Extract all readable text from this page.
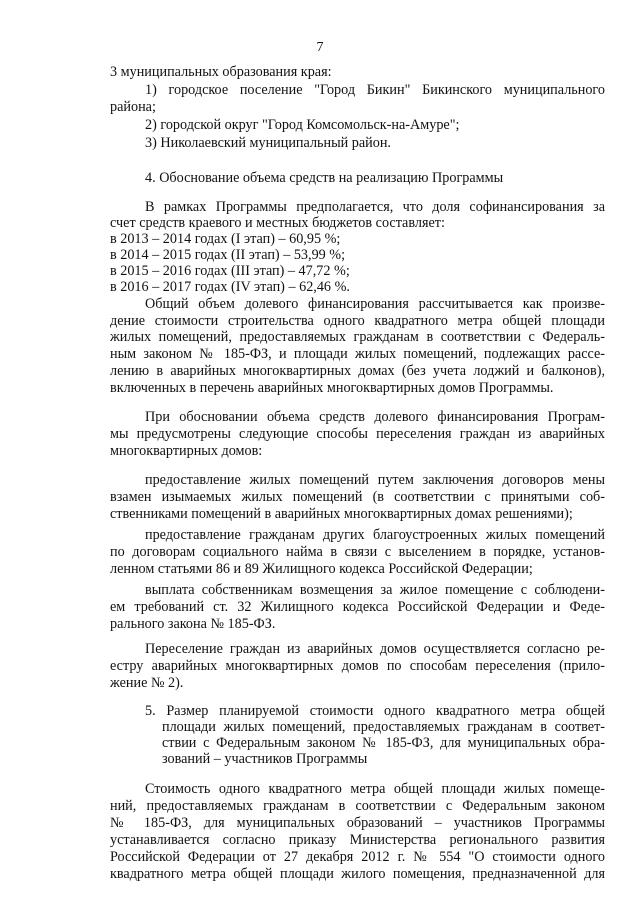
7
3 муниципальных образования края:
1) городское поселение "Город Бикин" Бикинского муниципального
района;
2) городской округ "Город Комсомольск-на-Амуре";
3) Николаевский муниципальный район.
4. Обоснование объема средств на реализацию Программы
В рамках Программы предполагается, что доля софинансирования за
счет средств краевого и местных бюджетов составляет:
в 2013 – 2014 годах (I этап) – 60,95 %;
в 2014 – 2015 годах (II этап) – 53,99 %;
в 2015 – 2016 годах (III этап) – 47,72 %;
в 2016 – 2017 годах (IV этап) – 62,46 %.
Общий объем долевого финансирования рассчитывается как произве-
дение стоимости строительства одного квадратного метра общей площади
жилых помещений, предоставляемых гражданам в соответствии с Федераль-
ным законом № 185-ФЗ, и площади жилых помещений, подлежащих рассе-
лению в аварийных многоквартирных домах (без учета лоджий и балконов),
включенных в перечень аварийных многоквартирных домов Программы.
При обосновании объема средств долевого финансирования Програм-
мы предусмотрены следующие способы переселения граждан из аварийных
многоквартирных домов:
предоставление жилых помещений путем заключения договоров мены
взамен изымаемых жилых помещений (в соответствии с принятыми соб-
ственниками помещений в аварийных многоквартирных домах решениями);
предоставление гражданам других благоустроенных жилых помещений
по договорам социального найма в связи с выселением в порядке, установ-
ленном статьями 86 и 89 Жилищного кодекса Российской Федерации;
выплата собственникам возмещения за жилое помещение с соблюдени-
ем требований ст. 32 Жилищного кодекса Российской Федерации и Феде-
рального закона № 185-ФЗ.
Переселение граждан из аварийных домов осуществляется согласно ре-
естру аварийных многоквартирных домов по способам переселения (прило-
жение № 2).
5. Размер планируемой стоимости одного квадратного метра общей
площади жилых помещений, предоставляемых гражданам в соответ-
ствии с Федеральным законом № 185-ФЗ, для муниципальных обра-
зований – участников Программы
Стоимость одного квадратного метра общей площади жилых помеще-
ний, предоставляемых гражданам в соответствии с Федеральным законом
№ 185-ФЗ, для муниципальных образований – участников Программы
устанавливается согласно приказу Министерства регионального развития
Российской Федерации от 27 декабря 2012 г. № 554 "О стоимости одного
квадратного метра общей площади жилого помещения, предназначенной для
